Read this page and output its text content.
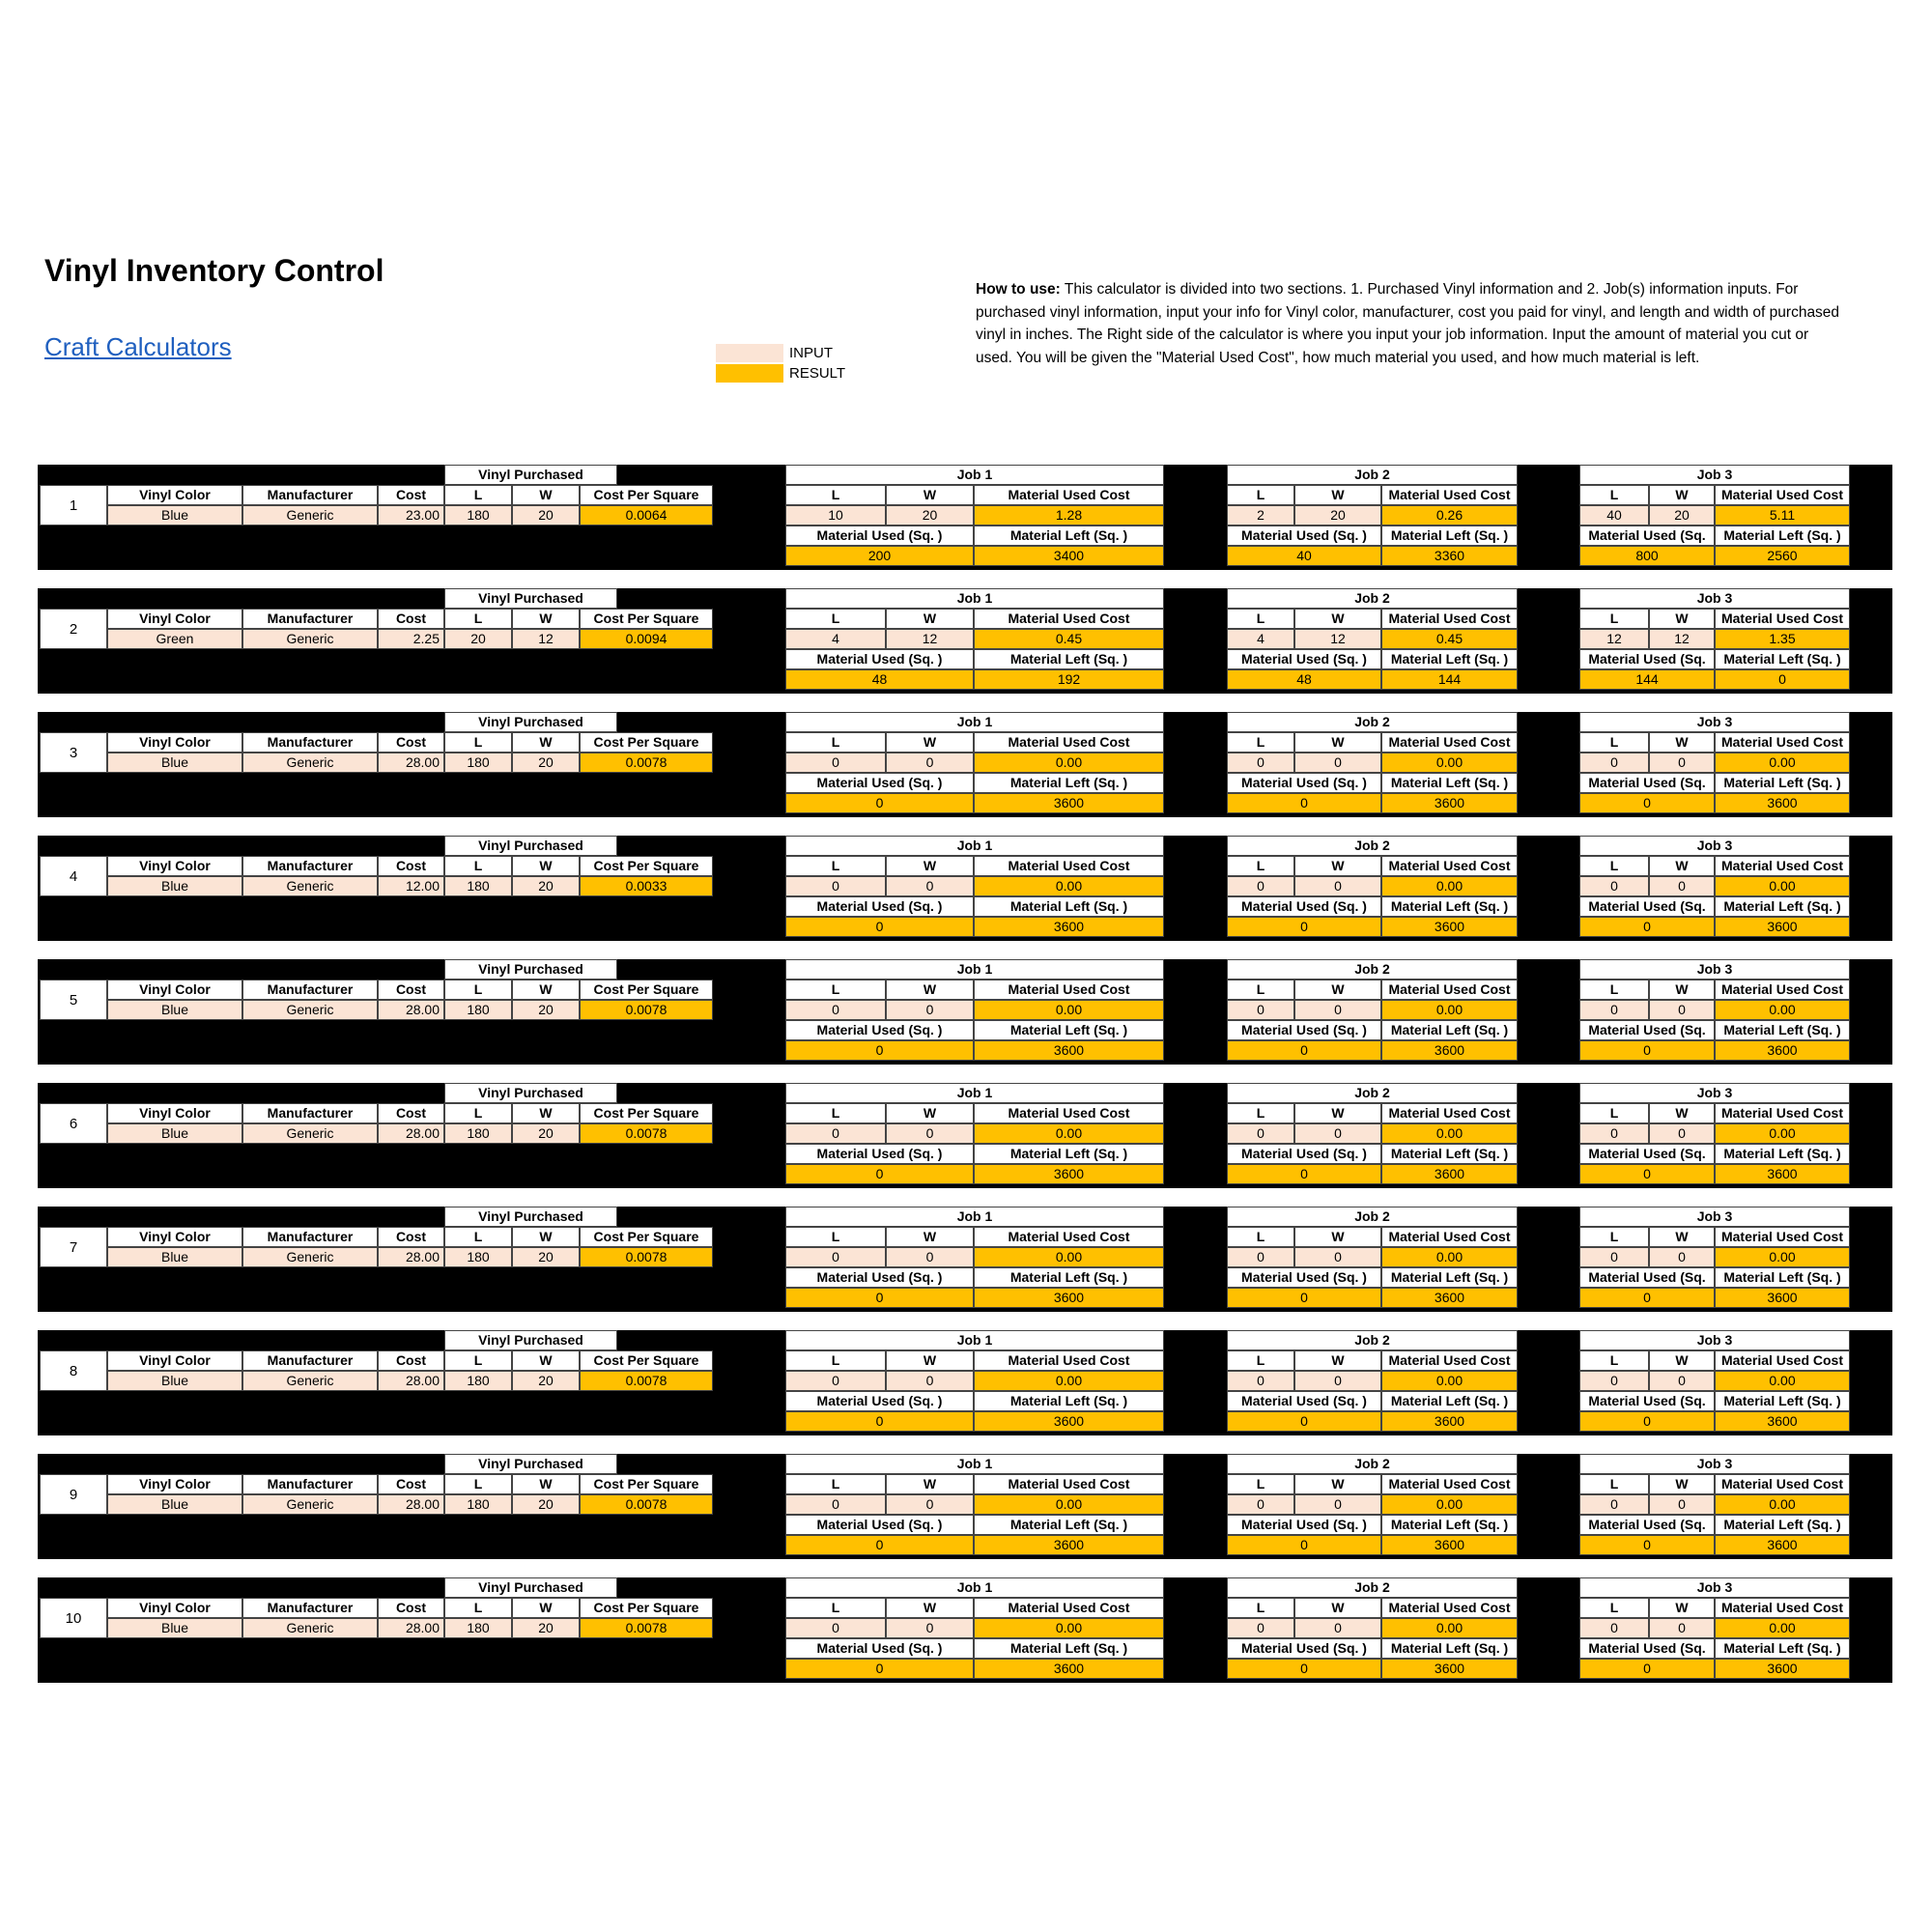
Vinyl Inventory Control
Craft Calculators	INPUT
RESULT
How to use: This calculator is divided into two sections. 1. Purchased Vinyl information and 2. Job(s) information inputs. For purchased vinyl information, input your info for Vinyl color, manufacturer, cost you paid for vinyl, and length and width of purchased vinyl in inches. The Right side of the calculator is where you input your job information. Input the amount of material you cut or used. You will be given the "Material Used Cost", how much material you used, and how much material is left.
1
Vinyl Purchased
Vinyl Color	Manufacturer	Cost	L	W	Cost Per Square
Blue	Generic	23.00	180	20	0.0064
Job 1
L	W	Material Used Cost
10	20	1.28
Material Used (Sq. )	Material Left (Sq. )
200	3400
Job 2
L	W	Material Used Cost
2	20	0.26
Material Used (Sq. )	Material Left (Sq. )
40	3360
Job 3
L	W	Material Used Cost
40	20	5.11
Material Used (Sq.	Material Left (Sq. )
800	2560
2
Vinyl Purchased
Vinyl Color	Manufacturer	Cost	L	W	Cost Per Square
Green	Generic	2.25	20	12	0.0094
Job 1
L	W	Material Used Cost
4	12	0.45
Material Used (Sq. )	Material Left (Sq. )
48	192
Job 2
L	W	Material Used Cost
4	12	0.45
Material Used (Sq. )	Material Left (Sq. )
48	144
Job 3
L	W	Material Used Cost
12	12	1.35
Material Used (Sq.	Material Left (Sq. )
144	0
3
Vinyl Purchased
Vinyl Color	Manufacturer	Cost	L	W	Cost Per Square
Blue	Generic	28.00	180	20	0.0078
Job 1
L	W	Material Used Cost
0	0	0.00
Material Used (Sq. )	Material Left (Sq. )
0	3600
Job 2
L	W	Material Used Cost
0	0	0.00
Material Used (Sq. )	Material Left (Sq. )
0	3600
Job 3
L	W	Material Used Cost
0	0	0.00
Material Used (Sq.	Material Left (Sq. )
0	3600
4
Vinyl Purchased
Vinyl Color	Manufacturer	Cost	L	W	Cost Per Square
Blue	Generic	12.00	180	20	0.0033
Job 1
L	W	Material Used Cost
0	0	0.00
Material Used (Sq. )	Material Left (Sq. )
0	3600
Job 2
L	W	Material Used Cost
0	0	0.00
Material Used (Sq. )	Material Left (Sq. )
0	3600
Job 3
L	W	Material Used Cost
0	0	0.00
Material Used (Sq.	Material Left (Sq. )
0	3600
5
Vinyl Purchased
Vinyl Color	Manufacturer	Cost	L	W	Cost Per Square
Blue	Generic	28.00	180	20	0.0078
Job 1
L	W	Material Used Cost
0	0	0.00
Material Used (Sq. )	Material Left (Sq. )
0	3600
Job 2
L	W	Material Used Cost
0	0	0.00
Material Used (Sq. )	Material Left (Sq. )
0	3600
Job 3
L	W	Material Used Cost
0	0	0.00
Material Used (Sq.	Material Left (Sq. )
0	3600
6
Vinyl Purchased
Vinyl Color	Manufacturer	Cost	L	W	Cost Per Square
Blue	Generic	28.00	180	20	0.0078
Job 1
L	W	Material Used Cost
0	0	0.00
Material Used (Sq. )	Material Left (Sq. )
0	3600
Job 2
L	W	Material Used Cost
0	0	0.00
Material Used (Sq. )	Material Left (Sq. )
0	3600
Job 3
L	W	Material Used Cost
0	0	0.00
Material Used (Sq.	Material Left (Sq. )
0	3600
7
Vinyl Purchased
Vinyl Color	Manufacturer	Cost	L	W	Cost Per Square
Blue	Generic	28.00	180	20	0.0078
Job 1
L	W	Material Used Cost
0	0	0.00
Material Used (Sq. )	Material Left (Sq. )
0	3600
Job 2
L	W	Material Used Cost
0	0	0.00
Material Used (Sq. )	Material Left (Sq. )
0	3600
Job 3
L	W	Material Used Cost
0	0	0.00
Material Used (Sq.	Material Left (Sq. )
0	3600
8
Vinyl Purchased
Vinyl Color	Manufacturer	Cost	L	W	Cost Per Square
Blue	Generic	28.00	180	20	0.0078
Job 1
L	W	Material Used Cost
0	0	0.00
Material Used (Sq. )	Material Left (Sq. )
0	3600
Job 2
L	W	Material Used Cost
0	0	0.00
Material Used (Sq. )	Material Left (Sq. )
0	3600
Job 3
L	W	Material Used Cost
0	0	0.00
Material Used (Sq.	Material Left (Sq. )
0	3600
9
Vinyl Purchased
Vinyl Color	Manufacturer	Cost	L	W	Cost Per Square
Blue	Generic	28.00	180	20	0.0078
Job 1
L	W	Material Used Cost
0	0	0.00
Material Used (Sq. )	Material Left (Sq. )
0	3600
Job 2
L	W	Material Used Cost
0	0	0.00
Material Used (Sq. )	Material Left (Sq. )
0	3600
Job 3
L	W	Material Used Cost
0	0	0.00
Material Used (Sq.	Material Left (Sq. )
0	3600
10
Vinyl Purchased
Vinyl Color	Manufacturer	Cost	L	W	Cost Per Square
Blue	Generic	28.00	180	20	0.0078
Job 1
L	W	Material Used Cost
0	0	0.00
Material Used (Sq. )	Material Left (Sq. )
0	3600
Job 2
L	W	Material Used Cost
0	0	0.00
Material Used (Sq. )	Material Left (Sq. )
0	3600
Job 3
L	W	Material Used Cost
0	0	0.00
Material Used (Sq.	Material Left (Sq. )
0	3600
